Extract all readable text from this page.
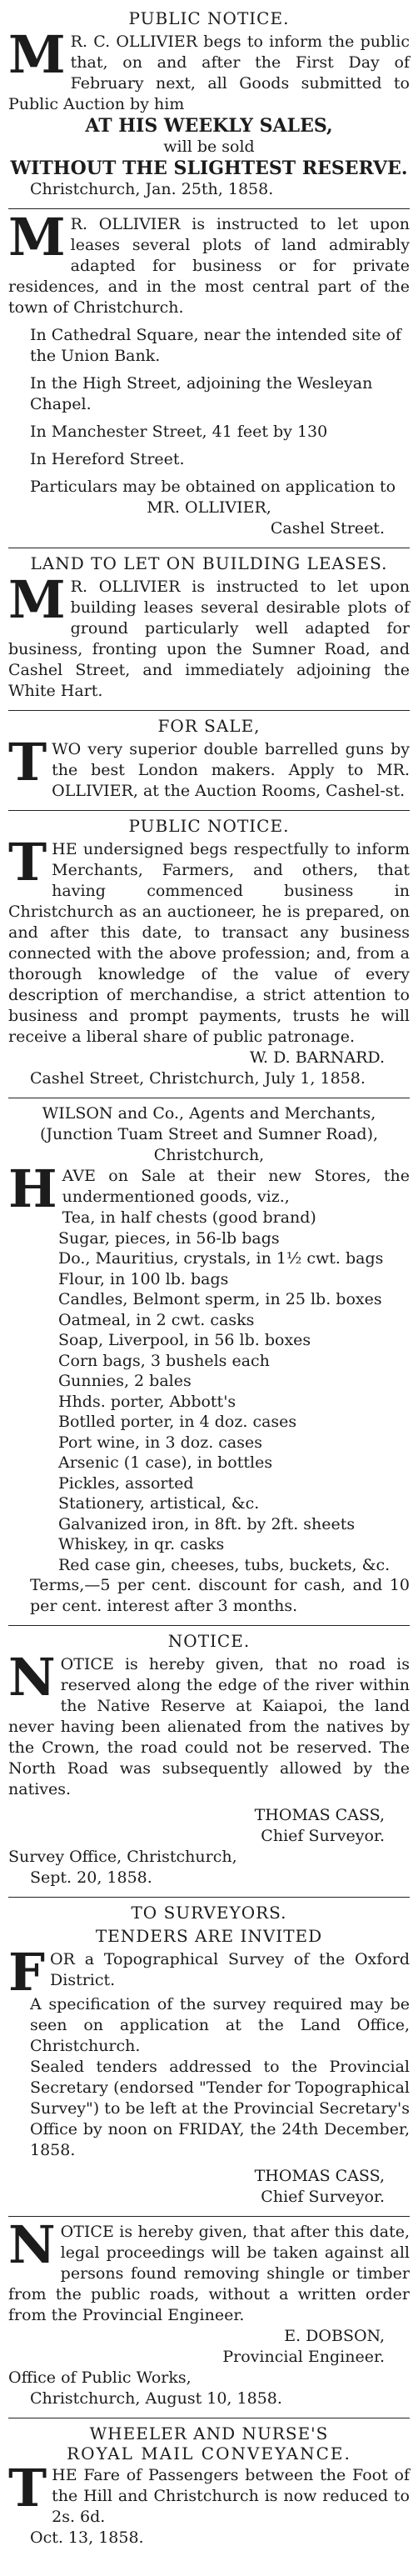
PUBLIC NOTICE.

M R. C. OLLIVIER begs to inform the public that, on and after the First Day of February next, all Goods submitted to Public Auction by him

AT HIS WEEKLY SALES,
will be sold
WITHOUT THE SLIGHTEST RESERVE.
Christchurch, Jan. 25th, 1858.

M R. OLLIVIER is instructed to let upon leases several plots of land admirably adapted for business or for private residences, and in the most central part of the town of Christchurch.

In Cathedral Square, near the intended site of the Union Bank.

In the High Street, adjoining the Wesleyan Chapel.

In Manchester Street, 41 feet by 130

In Hereford Street.

Particulars may be obtained on application to

MR. OLLIVIER,
Cashel Street.
LAND TO LET ON BUILDING LEASES.

M R. OLLIVIER is instructed to let upon building leases several desirable plots of ground particularly well adapted for business, fronting upon the Sumner Road, and Cashel Street, and immediately adjoining the White Hart.

FOR SALE,

TWO very superior double barrelled guns by the best London makers. Apply to MR. OLLIVIER, at the Auction Rooms, Cashel-st.

PUBLIC NOTICE.

THE undersigned begs respectfully to inform Merchants, Farmers, and others, that having commenced business in Christchurch as an auctioneer, he is prepared, on and after this date, to transact any business connected with the above profession; and, from a thorough knowledge of the value of every description of merchandise, a strict attention to business and prompt payments, trusts he will receive a liberal share of public patronage.

W. D. BARNARD.
Cashel Street, Christchurch, July 1, 1858.

WILSON and Co., Agents and Merchants, (Junction Tuam Street and Sumner Road), Christchurch,

HAVE on Sale at their new Stores, the undermentioned goods, viz.,

Tea, in half chests (good brand)
Sugar, pieces, in 56-lb bags
Do., Mauritius, crystals, in 1½ cwt. bags
Flour, in 100 lb. bags
Candles, Belmont sperm, in 25 lb. boxes
Oatmeal, in 2 cwt. casks
Soap, Liverpool, in 56 lb. boxes
Corn bags, 3 bushels each
Gunnies, 2 bales
Hhds. porter, Abbott's
Botlled porter, in 4 doz. cases
Port wine, in 3 doz. cases
Arsenic (1 case), in bottles
Pickles, assorted
Stationery, artistical, &c.
Galvanized iron, in 8ft. by 2ft. sheets
Whiskey, in qr. casks
Red case gin, cheeses, tubs, buckets, &c.

Terms,—5 per cent. discount for cash, and 10 per cent. interest after 3 months.

NOTICE.

NOTICE is hereby given, that no road is reserved along the edge of the river within the Native Reserve at Kaiapoi, the land never having been alienated from the natives by the Crown, the road could not be reserved. The North Road was subsequently allowed by the natives.

THOMAS CASS,
Chief Surveyor.
Survey Office, Christchurch,
Sept. 20, 1858.
TO SURVEYORS.
TENDERS ARE INVITED

FOR a Topographical Survey of the Oxford District.

A specification of the survey required may be seen on application at the Land Office, Christchurch.

Sealed tenders addressed to the Provincial Secretary (endorsed "Tender for Topographical Survey") to be left at the Provincial Secretary's Office by noon on FRIDAY, the 24th December, 1858.

THOMAS CASS,
Chief Surveyor.

NOTICE is hereby given, that after this date, legal proceedings will be taken against all persons found removing shingle or timber from the public roads, without a written order from the Provincial Engineer.

E. DOBSON,
Provincial Engineer.
Office of Public Works,
Christchurch, August 10, 1858.
WHEELER AND NURSE'S
ROYAL MAIL CONVEYANCE.

THE Fare of Passengers between the Foot of the Hill and Christchurch is now reduced to 2s. 6d.

Oct. 13, 1858.
